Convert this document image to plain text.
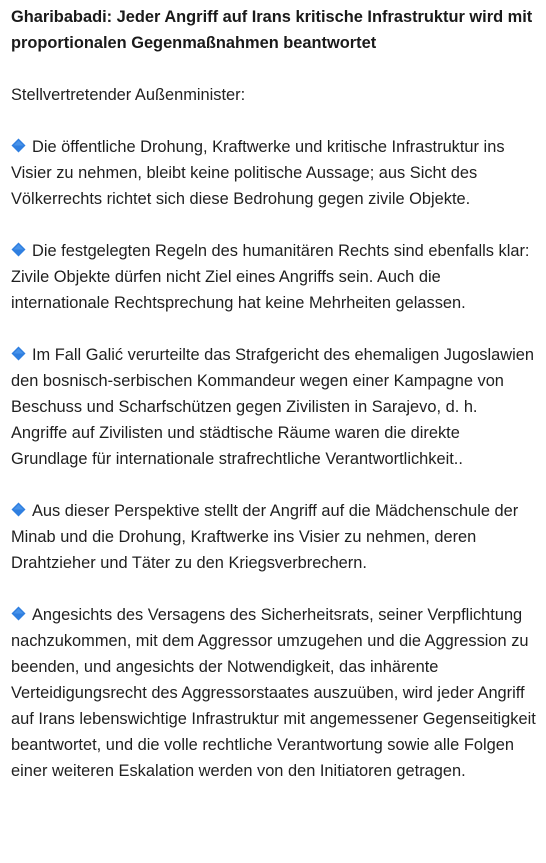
Gharibabadi: Jeder Angriff auf Irans kritische Infrastruktur wird mit proportionalen Gegenmaßnahmen beantwortet

Stellvertretender Außenminister:

Die öffentliche Drohung, Kraftwerke und kritische Infrastruktur ins Visier zu nehmen, bleibt keine politische Aussage; aus Sicht des Völkerrechts richtet sich diese Bedrohung gegen zivile Objekte.

Die festgelegten Regeln des humanitären Rechts sind ebenfalls klar: Zivile Objekte dürfen nicht Ziel eines Angriffs sein. Auch die internationale Rechtsprechung hat keine Mehrheiten gelassen.

Im Fall Galić verurteilte das Strafgericht des ehemaligen Jugoslawien den bosnisch-serbischen Kommandeur wegen einer Kampagne von Beschuss und Scharfschützen gegen Zivilisten in Sarajevo, d. h. Angriffe auf Zivilisten und städtische Räume waren die direkte Grundlage für internationale strafrechtliche Verantwortlichkeit..

Aus dieser Perspektive stellt der Angriff auf die Mädchenschule der Minab und die Drohung, Kraftwerke ins Visier zu nehmen, deren Drahtzieher und Täter zu den Kriegsverbrechern.

Angesichts des Versagens des Sicherheitsrats, seiner Verpflichtung nachzukommen, mit dem Aggressor umzugehen und die Aggression zu beenden, und angesichts der Notwendigkeit, das inhärente Verteidigungsrecht des Aggressorstaates auszuüben, wird jeder Angriff auf Irans lebenswichtige Infrastruktur mit angemessener Gegenseitigkeit beantwortet, und die volle rechtliche Verantwortung sowie alle Folgen einer weiteren Eskalation werden von den Initiatoren getragen.
